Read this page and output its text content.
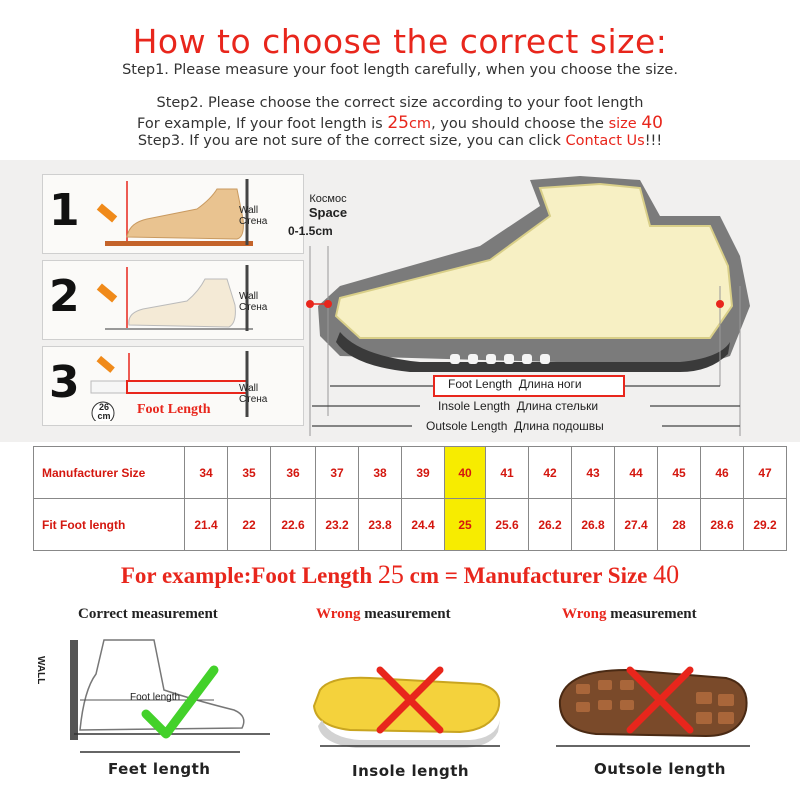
How to choose the correct size:
Step1. Please measure your foot length carefully, when you choose the size.
Step2. Please choose the correct size according to your foot length
For example, If your foot length is 25cm, you should choose the size 40
Step3. If you are not sure of the correct size, you can click Contact Us!!!
1	Wall
Стена
2	Wall
Стена
3	Wall
Стена
26
cm Foot Length
Космос
Space
0-1.5cm
Foot Length Длина ноги
Insole Length Длина стельки
Outsole Length Длина подошвы
Manufacturer Size	34	35	36	37	38	39	40	41	42	43	44	45	46	47
Fit Foot length	21.4	22	22.6	23.2	23.8	24.4	25	25.6	26.2	26.8	27.4	28	28.6	29.2
For example:Foot Length 25 cm = Manufacturer Size 40
Correct measurement
WALL
Foot length
Feet length
Wrong measurement
Insole length
Wrong measurement
Outsole length
